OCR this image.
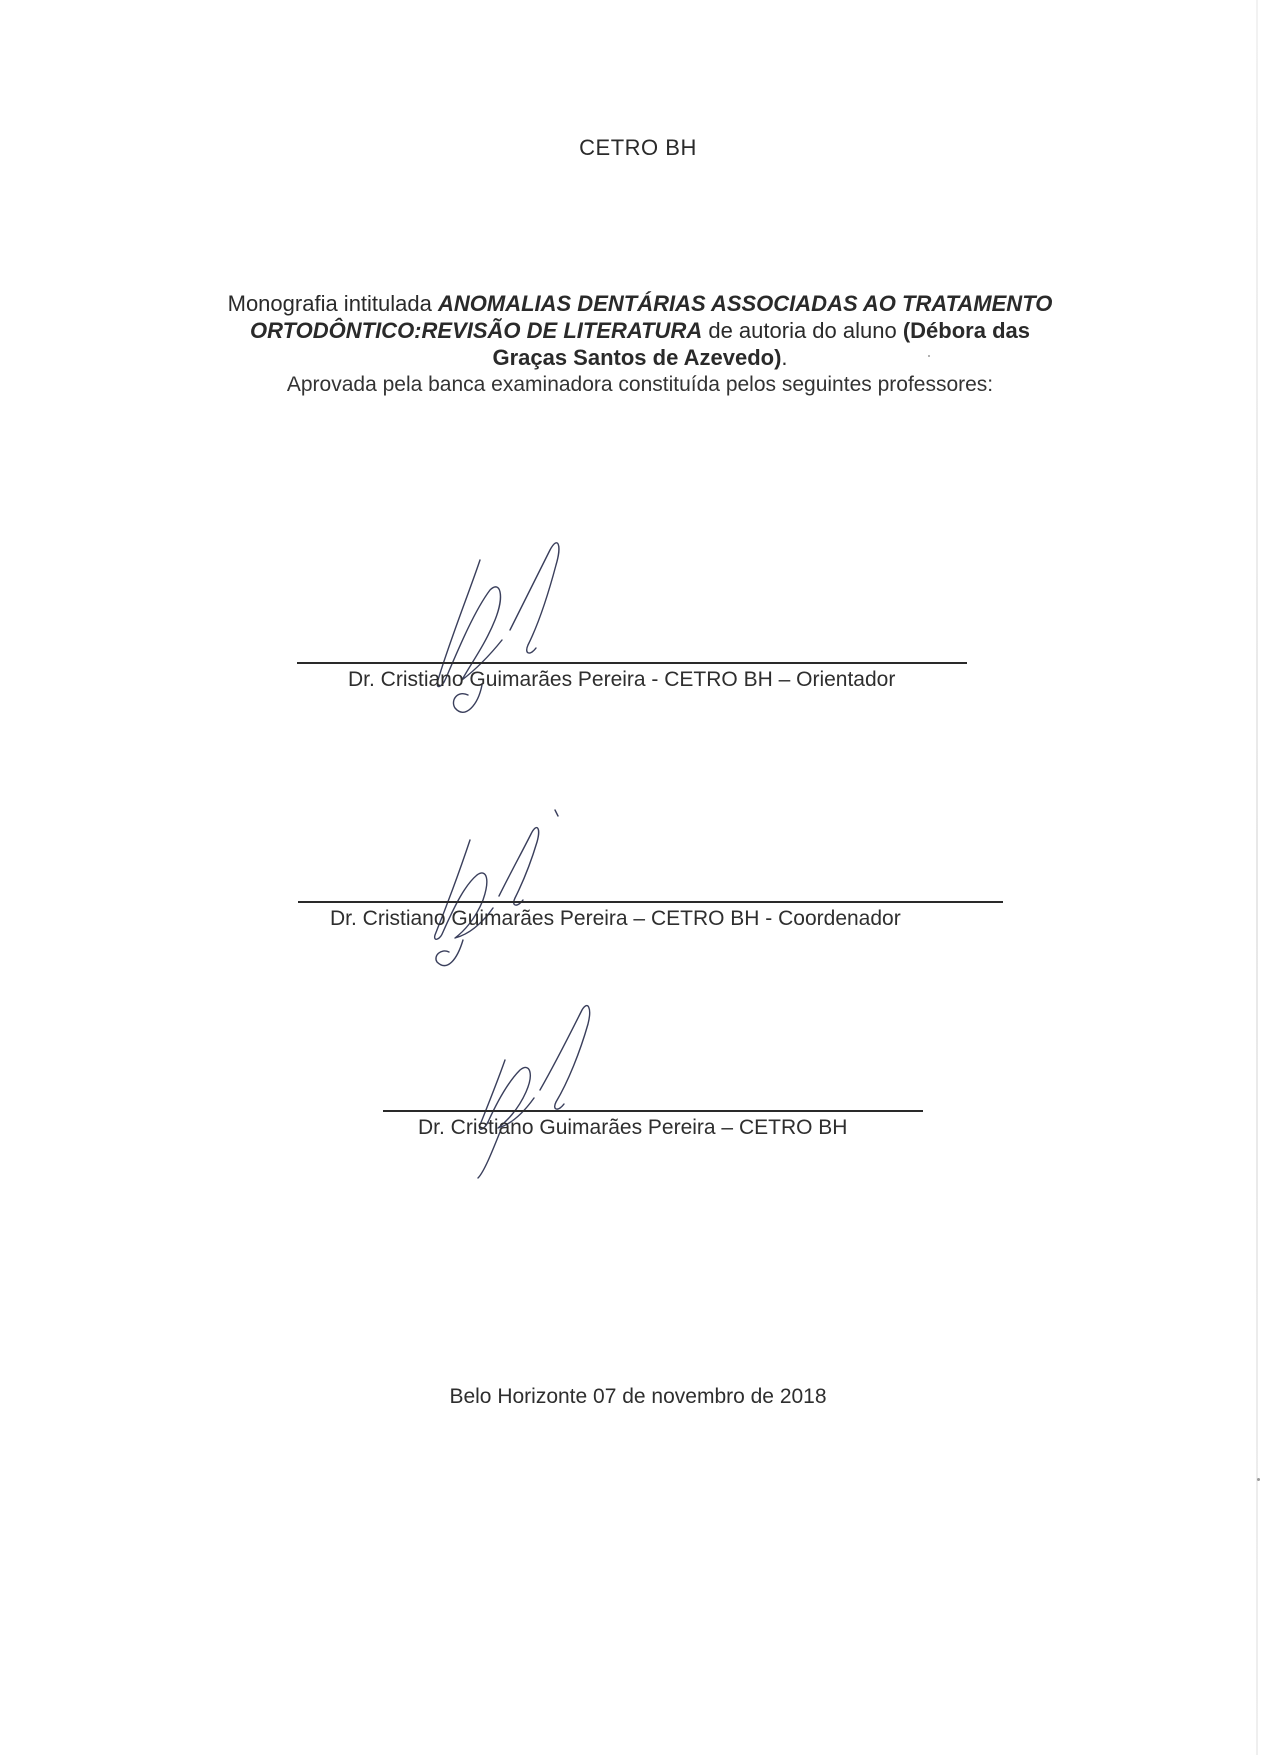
CETRO BH

Monografia intitulada ANOMALIAS DENTÁRIAS ASSOCIADAS AO TRATAMENTO
ORTODÔNTICO:REVISÃO DE LITERATURA de autoria do aluno (Débora das
Graças Santos de Azevedo).

Aprovada pela banca examinadora constituída pelos seguintes professores:

Dr. Cristiano Guimarães Pereira - CETRO BH – Orientador
Dr. Cristiano Guimarães Pereira – CETRO BH - Coordenador
Dr. Cristiano Guimarães Pereira – CETRO BH
Belo Horizonte 07 de novembro de 2018
